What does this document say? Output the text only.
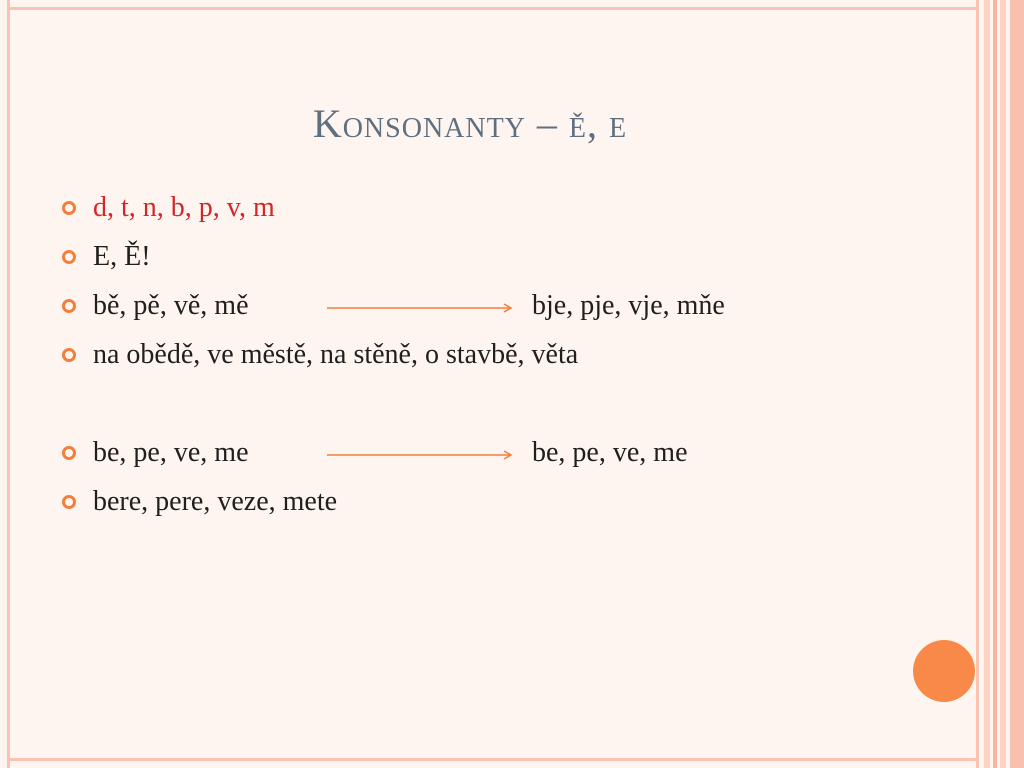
Konsonanty – ě, e
d, t, n, b, p, v, m
E, Ě!
bě, pě, vě, mě	bje, pje, vje, mňe
na obědě, ve městě, na stěně, o stavbě, věta
be, pe, ve, me	be, pe, ve, me
bere, pere, veze, mete
